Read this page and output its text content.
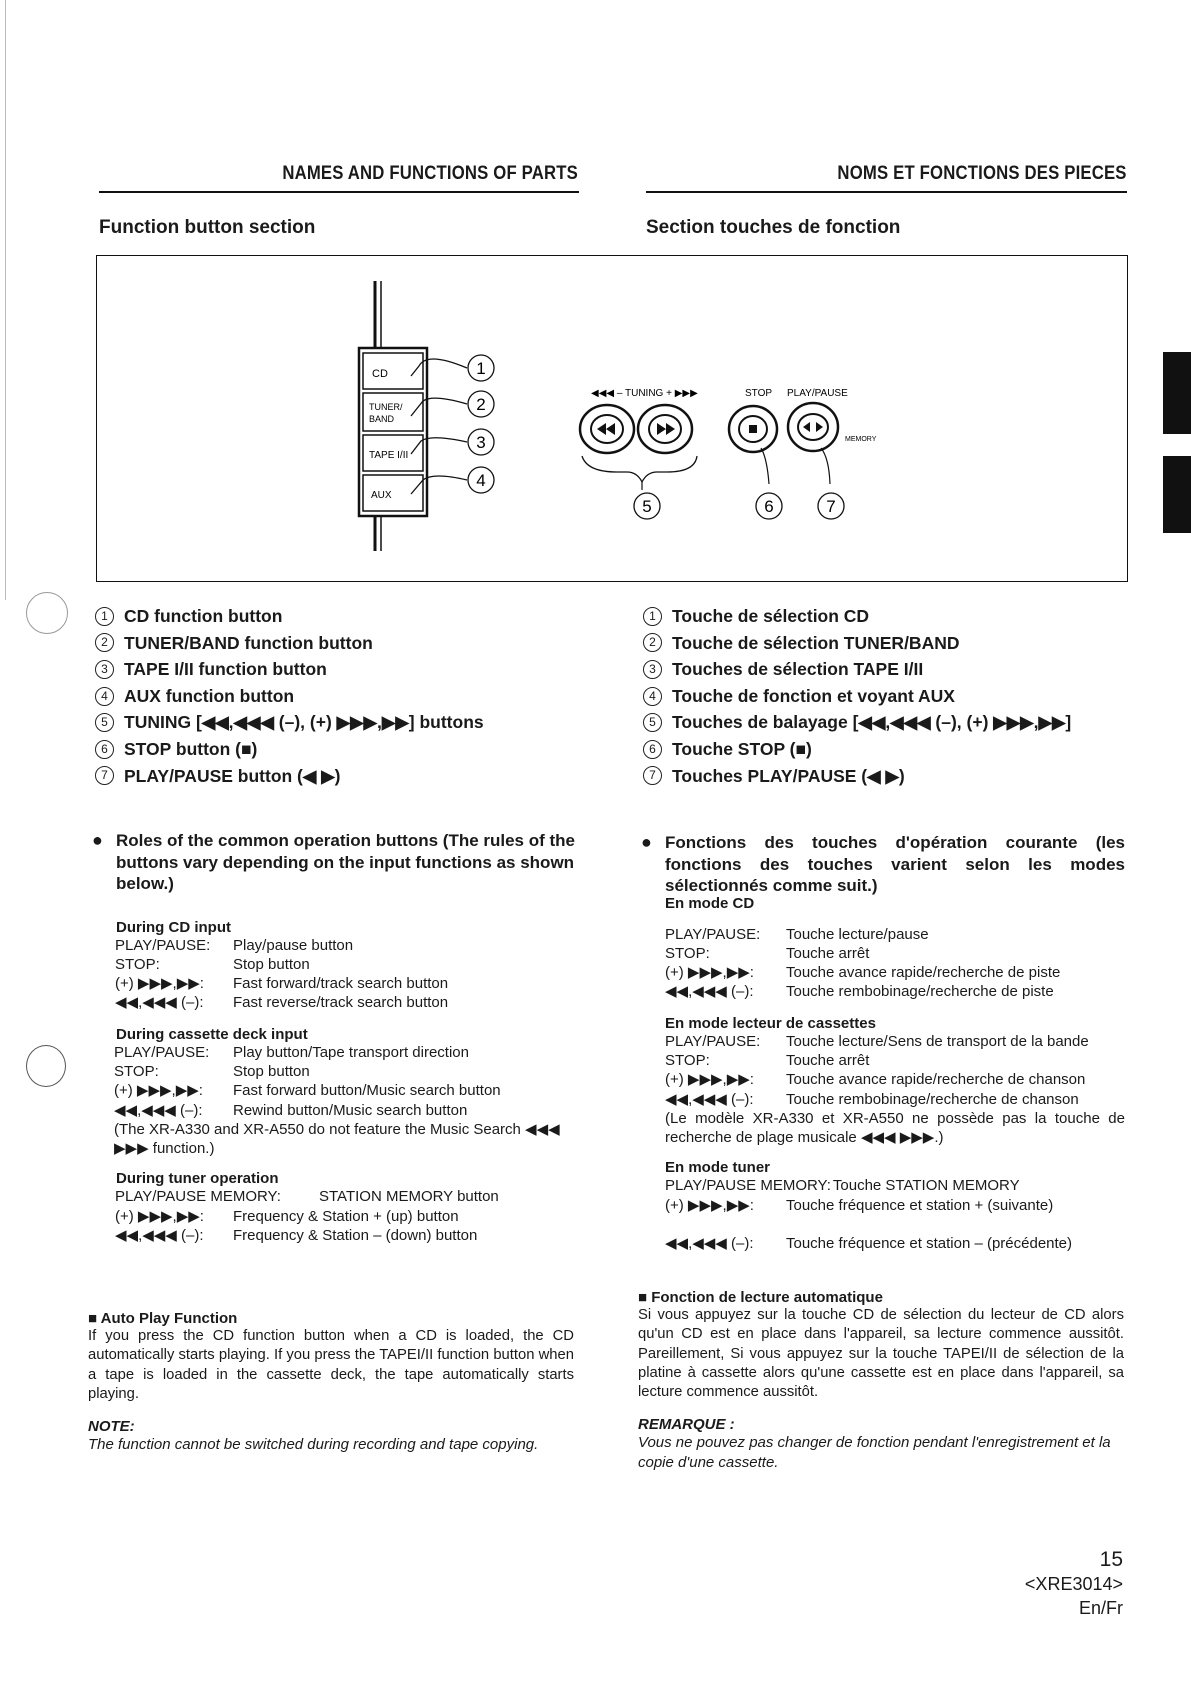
NAMES AND FUNCTIONS OF PARTS	NOMS ET FONCTIONS DES PIECES
Function button section	Section touches de fonction
CD
TUNER/
BAND
TAPE I/II
AUX
1
2
3
4
◀◀◀ – TUNING + ▶▶▶	STOP PLAY/PAUSE
MEMORY
5	6	7
1 CD function button
2 TUNER/BAND function button
3 TAPE I/II function button
4 AUX function button
5 TUNING [◀◀,◀◀◀ (–), (+) ▶▶▶,▶▶] buttons
6 STOP button (■)
7 PLAY/PAUSE button (◀ ▶)
1 Touche de sélection CD
2 Touche de sélection TUNER/BAND
3 Touches de sélection TAPE I/II
4 Touche de fonction et voyant AUX
5 Touches de balayage [◀◀,◀◀◀ (–), (+) ▶▶▶,▶▶]
6 Touche STOP (■)
7 Touches PLAY/PAUSE (◀ ▶)
● Roles of the common operation buttons (The rules of the buttons vary depending on the input functions as shown below.)
During CD input
PLAY/PAUSE:	Play/pause button
STOP:	Stop button
(+) ▶▶▶,▶▶:	Fast forward/track search button
◀◀,◀◀◀ (–):	Fast reverse/track search button
During cassette deck input
PLAY/PAUSE:	Play button/Tape transport direction
STOP:	Stop button
(+) ▶▶▶,▶▶:	Fast forward button/Music search button
◀◀,◀◀◀ (–):	Rewind button/Music search button
(The XR-A330 and XR-A550 do not feature the Music Search ◀◀◀ ▶▶▶ function.)
During tuner operation
PLAY/PAUSE MEMORY:	STATION MEMORY button
(+) ▶▶▶,▶▶:	Frequency & Station + (up) button
◀◀,◀◀◀ (–):	Frequency & Station – (down) button
● Fonctions des touches d'opération courante (les fonctions des touches varient selon les modes sélectionnés comme suit.)
En mode CD
PLAY/PAUSE:	Touche lecture/pause
STOP:	Touche arrêt
(+) ▶▶▶,▶▶:	Touche avance rapide/recherche de piste
◀◀,◀◀◀ (–):	Touche rembobinage/recherche de piste
En mode lecteur de cassettes
PLAY/PAUSE:	Touche lecture/Sens de transport de la bande
STOP:	Touche arrêt
(+) ▶▶▶,▶▶:	Touche avance rapide/recherche de chanson
◀◀,◀◀◀ (–):	Touche rembobinage/recherche de chanson
(Le modèle XR-A330 et XR-A550 ne possède pas la touche de recherche de plage musicale ◀◀◀ ▶▶▶.)
En mode tuner
PLAY/PAUSE MEMORY: Touche STATION MEMORY
(+) ▶▶▶,▶▶:	Touche fréquence et station + (suivante)
◀◀,◀◀◀ (–):	Touche fréquence et station – (précédente)
■ Auto Play Function
If you press the CD function button when a CD is loaded, the CD automatically starts playing. If you press the TAPEI/II function button when a tape is loaded in the cassette deck, the tape automatically starts playing.
NOTE:
The function cannot be switched during recording and tape copying.
■ Fonction de lecture automatique
Si vous appuyez sur la touche CD de sélection du lecteur de CD alors qu'un CD est en place dans l'appareil, sa lecture commence aussitôt. Pareillement, Si vous appuyez sur la touche TAPEI/II de sélection de la platine à cassette alors qu'une cassette est en place dans l'appareil, sa lecture commence aussitôt.
REMARQUE :
Vous ne pouvez pas changer de fonction pendant l'enregistrement et la copie d'une cassette.
15
<XRE3014>
En/Fr
